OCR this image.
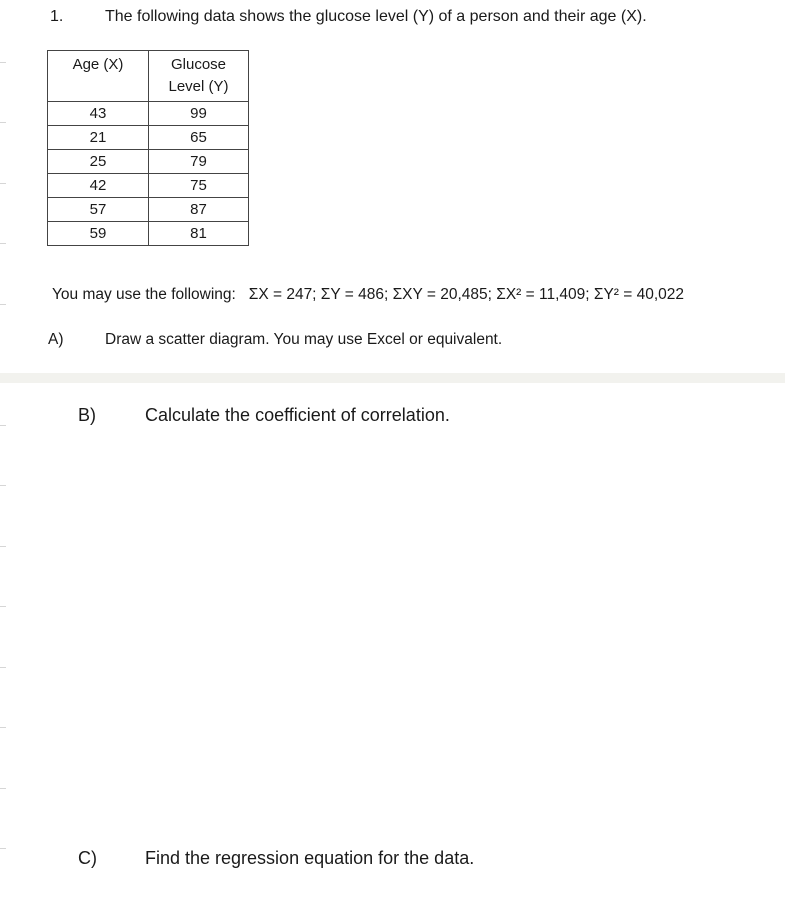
1.	The following data shows the glucose level (Y) of a person and their age (X).
Age (X)	Glucose Level (Y)

43	99
21	65
25	79
42	75
57	87
59	81
You may use the following:   ΣX = 247; ΣY = 486; ΣXY = 20,485; ΣX² = 11,409; ΣY² = 40,022
A)	Draw a scatter diagram. You may use Excel or equivalent.
B)	Calculate the coefficient of correlation.
C)	Find the regression equation for the data.
